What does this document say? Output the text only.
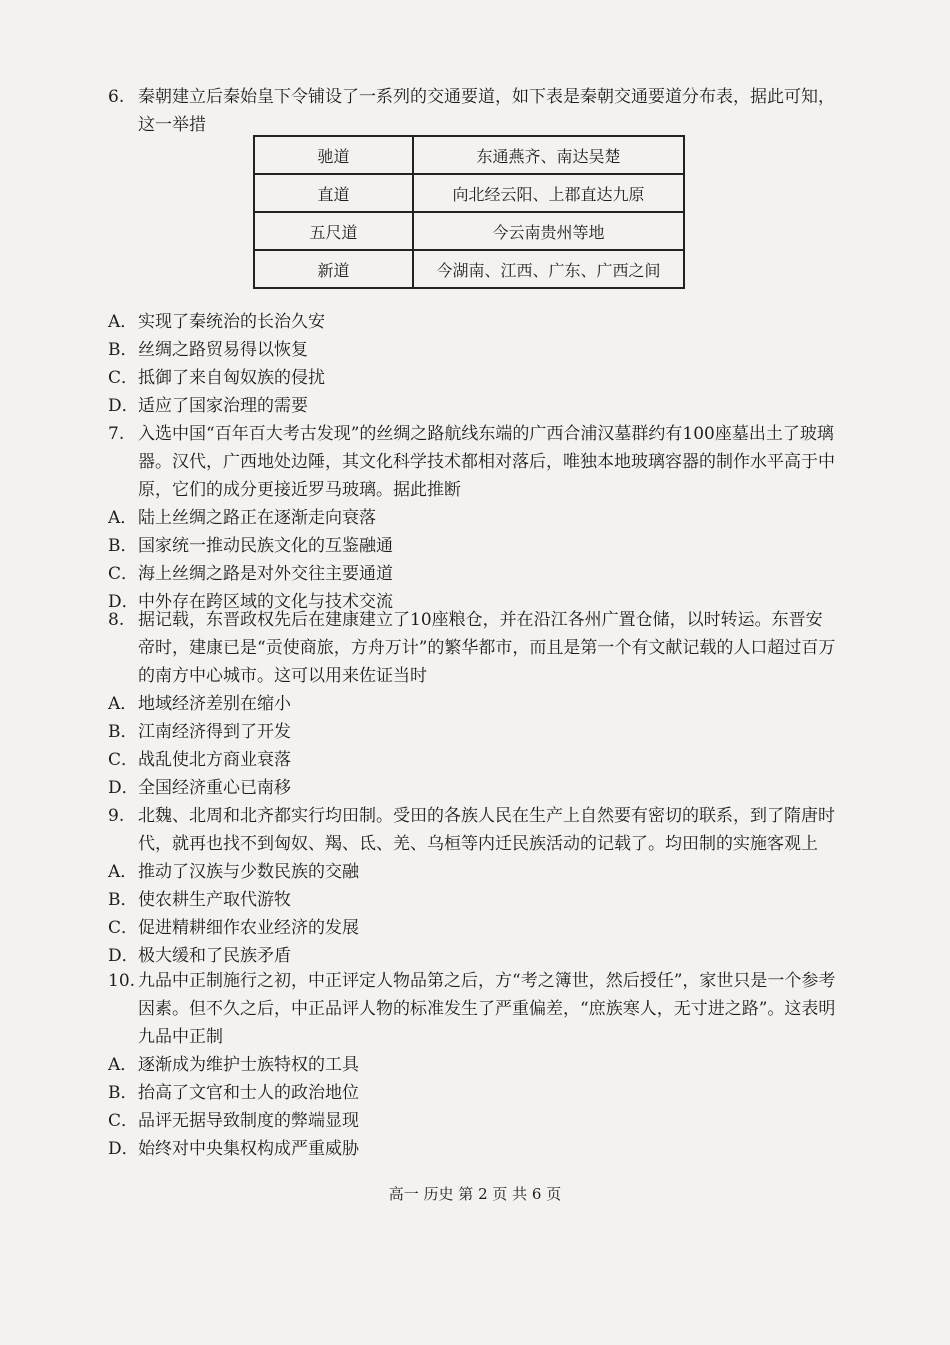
6. 秦朝建立后秦始皇下令铺设了一系列的交通要道，如下表是秦朝交通要道分布表，据此可知，这一举措
驰道	东通燕齐、南达吴楚
直道	向北经云阳、上郡直达九原
五尺道	今云南贵州等地
新道	今湖南、江西、广东、广西之间
A． 实现了秦统治的长治久安
B． 丝绸之路贸易得以恢复
C． 抵御了来自匈奴族的侵扰
D． 适应了国家治理的需要
7. 入选中国“百年百大考古发现”的丝绸之路航线东端的广西合浦汉墓群约有100座墓出土了玻璃器。汉代，广西地处边陲，其文化科学技术都相对落后，唯独本地玻璃容器的制作水平高于中原，它们的成分更接近罗马玻璃。据此推断
A． 陆上丝绸之路正在逐渐走向衰落
B． 国家统一推动民族文化的互鉴融通
C． 海上丝绸之路是对外交往主要通道
D． 中外存在跨区域的文化与技术交流
8. 据记载，东晋政权先后在建康建立了10座粮仓，并在沿江各州广置仓储，以时转运。东晋安帝时，建康已是“贡使商旅，方舟万计”的繁华都市，而且是第一个有文献记载的人口超过百万的南方中心城市。这可以用来佐证当时
A． 地域经济差别在缩小
B． 江南经济得到了开发
C． 战乱使北方商业衰落
D． 全国经济重心已南移
9. 北魏、北周和北齐都实行均田制。受田的各族人民在生产上自然要有密切的联系，到了隋唐时代，就再也找不到匈奴、羯、氐、羌、乌桓等内迁民族活动的记载了。均田制的实施客观上
A． 推动了汉族与少数民族的交融
B． 使农耕生产取代游牧
C． 促进精耕细作农业经济的发展
D． 极大缓和了民族矛盾
10. 九品中正制施行之初，中正评定人物品第之后，方“考之簿世，然后授任”，家世只是一个参考因素。但不久之后，中正品评人物的标准发生了严重偏差，“庶族寒人，无寸进之路”。这表明九品中正制
A． 逐渐成为维护士族特权的工具
B． 抬高了文官和士人的政治地位
C． 品评无据导致制度的弊端显现
D． 始终对中央集权构成严重威胁
高一 历史 第 2 页 共 6 页
